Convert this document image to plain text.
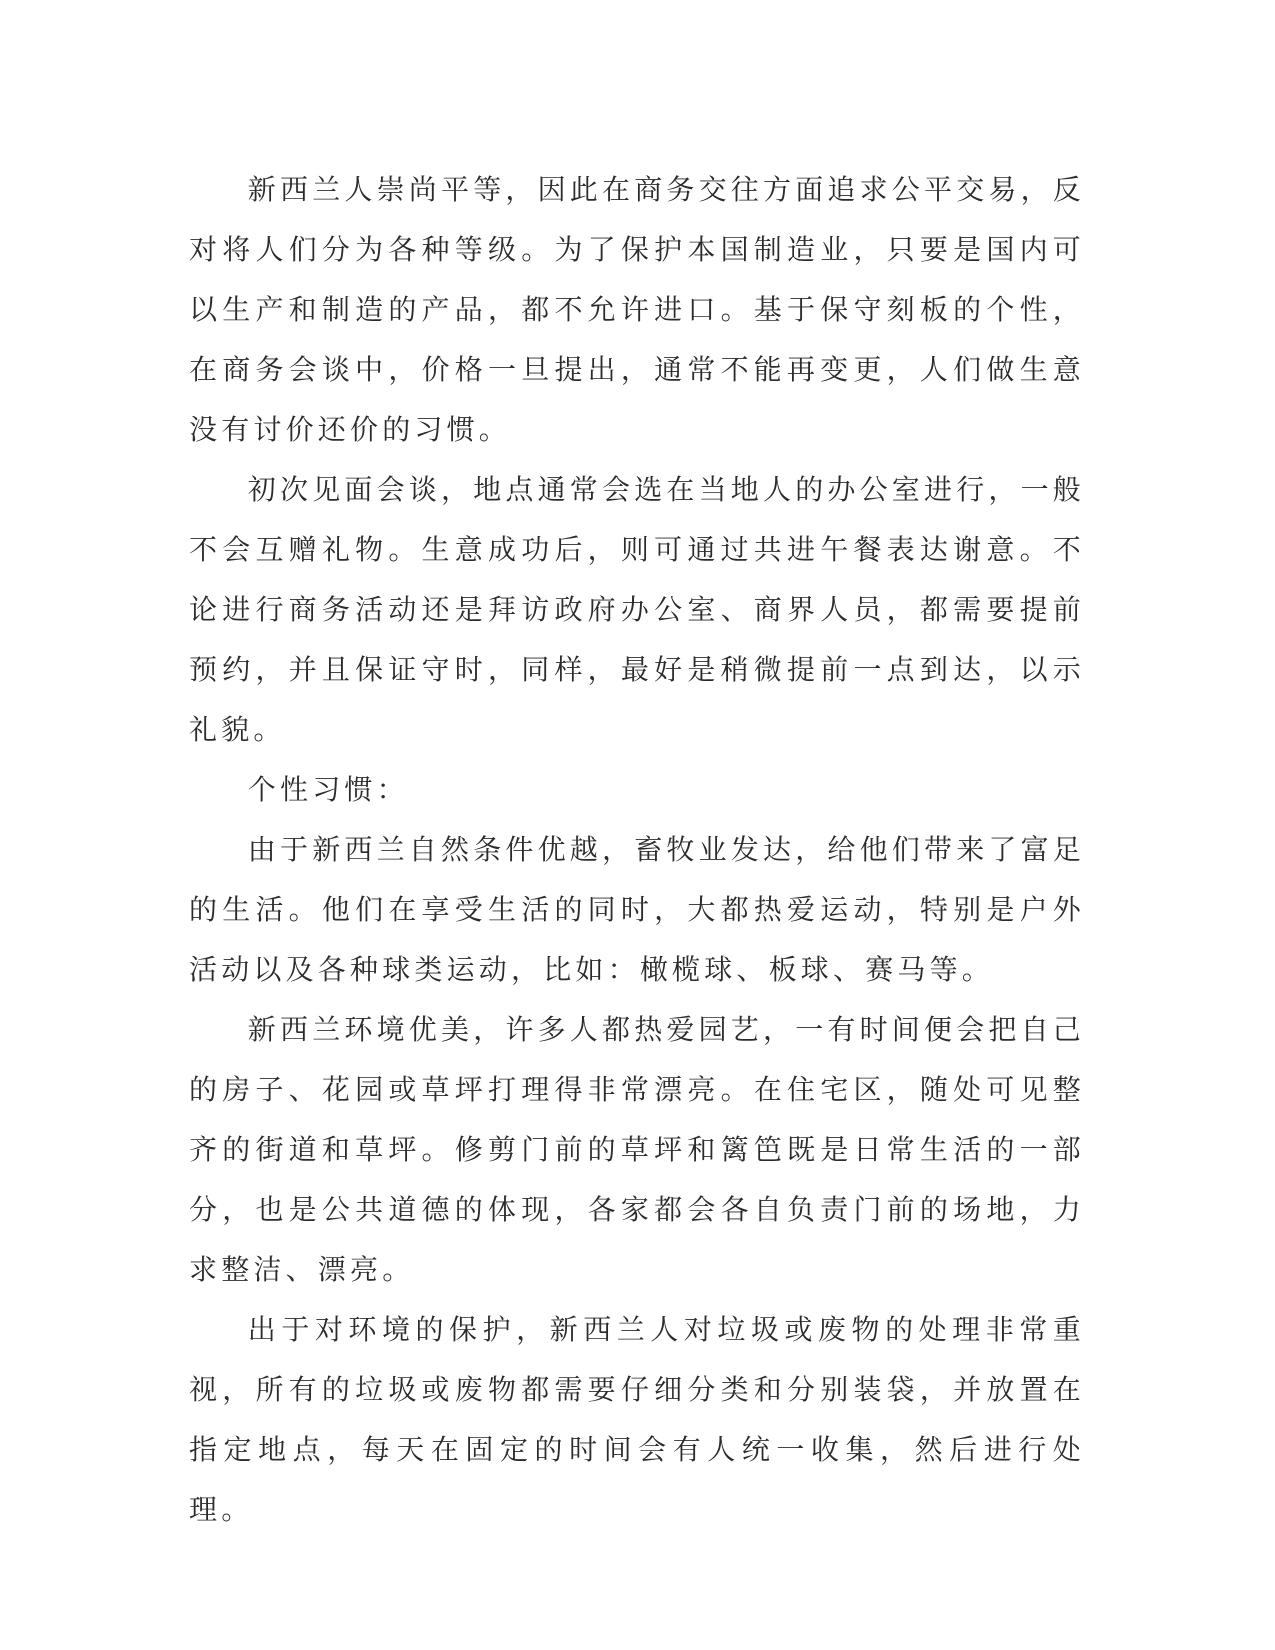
新西兰人崇尚平等，因此在商务交往方面追求公平交易，反对将人们分为各种等级。为了保护本国制造业，只要是国内可以生产和制造的产品，都不允许进口。基于保守刻板的个性，在商务会谈中，价格一旦提出，通常不能再变更，人们做生意没有讨价还价的习惯。

初次见面会谈，地点通常会选在当地人的办公室进行，一般不会互赠礼物。生意成功后，则可通过共进午餐表达谢意。不论进行商务活动还是拜访政府办公室、商界人员，都需要提前预约，并且保证守时，同样，最好是稍微提前一点到达，以示礼貌。

个性习惯：

由于新西兰自然条件优越，畜牧业发达，给他们带来了富足的生活。他们在享受生活的同时，大都热爱运动，特别是户外活动以及各种球类运动，比如：橄榄球、板球、赛马等。

新西兰环境优美，许多人都热爱园艺，一有时间便会把自己的房子、花园或草坪打理得非常漂亮。在住宅区，随处可见整齐的街道和草坪。修剪门前的草坪和篱笆既是日常生活的一部分，也是公共道德的体现，各家都会各自负责门前的场地，力求整洁、漂亮。

出于对环境的保护，新西兰人对垃圾或废物的处理非常重视，所有的垃圾或废物都需要仔细分类和分别装袋，并放置在指定地点，每天在固定的时间会有人统一收集，然后进行处理。
